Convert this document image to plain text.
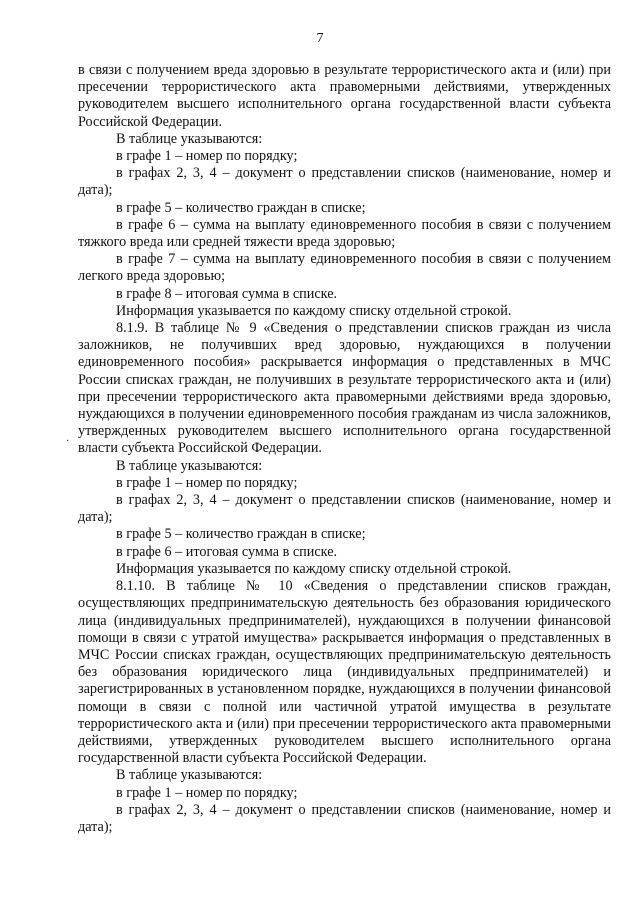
7
·

в связи с получением вреда здоровью в результате террористического акта и (или) при пресечении террористического акта правомерными действиями, утвержденных руководителем высшего исполнительного органа государственной власти субъекта Российской Федерации.

В таблице указываются:

в графе 1 – номер по порядку;

в графах 2, 3, 4 – документ о представлении списков (наименование, номер и дата);

в графе 5 – количество граждан в списке;

в графе 6 – сумма на выплату единовременного пособия в связи с получением тяжкого вреда или средней тяжести вреда здоровью;

в графе 7 – сумма на выплату единовременного пособия в связи с получением легкого вреда здоровью;

в графе 8 – итоговая сумма в списке.

Информация указывается по каждому списку отдельной строкой.

8.1.9. В таблице № 9 «Сведения о представлении списков граждан из числа заложников, не получивших вред здоровью, нуждающихся в получении единовременного пособия» раскрывается информация о представленных в МЧС России списках граждан, не получивших в результате террористического акта и (или) при пресечении террористического акта правомерными действиями вреда здоровью, нуждающихся в получении единовременного пособия гражданам из числа заложников, утвержденных руководителем высшего исполнительного органа государственной власти субъекта Российской Федерации.

В таблице указываются:

в графе 1 – номер по порядку;

в графах 2, 3, 4 – документ о представлении списков (наименование, номер и дата);

в графе 5 – количество граждан в списке;

в графе 6 – итоговая сумма в списке.

Информация указывается по каждому списку отдельной строкой.

8.1.10. В таблице № 10 «Сведения о представлении списков граждан, осуществляющих предпринимательскую деятельность без образования юридического лица (индивидуальных предпринимателей), нуждающихся в получении финансовой помощи в связи с утратой имущества» раскрывается информация о представленных в МЧС России списках граждан, осуществляющих предпринимательскую деятельность без образования юридического лица (индивидуальных предпринимателей) и зарегистрированных в установленном порядке, нуждающихся в получении финансовой помощи в связи с полной или частичной утратой имущества в результате террористического акта и (или) при пресечении террористического акта правомерными действиями, утвержденных руководителем высшего исполнительного органа государственной власти субъекта Российской Федерации.

В таблице указываются:

в графе 1 – номер по порядку;

в графах 2, 3, 4 – документ о представлении списков (наименование, номер и дата);
